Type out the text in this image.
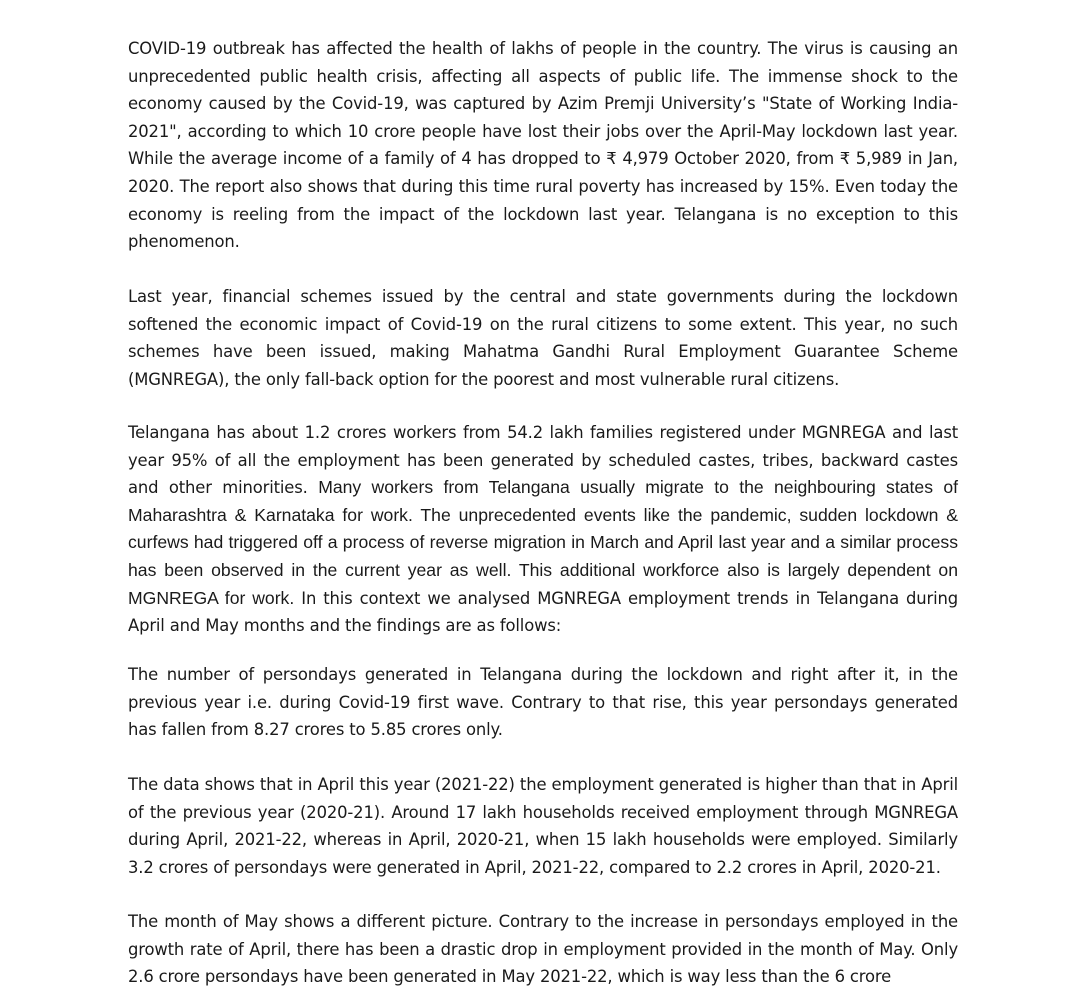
COVID-19 outbreak has affected the health of lakhs of people in the country. The virus is causing an unprecedented public health crisis, affecting all aspects of public life. The immense shock to the economy caused by the Covid-19, was captured by Azim Premji University’s "State of Working India-2021", according to which 10 crore people have lost their jobs over the April-May lockdown last year. While the average income of a family of 4 has dropped to ₹ 4,979 October 2020, from ₹ 5,989 in Jan, 2020. The report also shows that during this time rural poverty has increased by 15%. Even today the economy is reeling from the impact of the lockdown last year. Telangana is no exception to this phenomenon.

Last year, financial schemes issued by the central and state governments during the lockdown softened the economic impact of Covid-19 on the rural citizens to some extent. This year, no such schemes have been issued, making Mahatma Gandhi Rural Employment Guarantee Scheme (MGNREGA), the only fall-back option for the poorest and most vulnerable rural citizens.

Telangana has about 1.2 crores workers from 54.2 lakh families registered under MGNREGA and last year 95% of all the employment has been generated by scheduled castes, tribes, backward castes and other minorities. Many workers from Telangana usually migrate to the neighbouring states of Maharashtra & Karnataka for work. The unprecedented events like the pandemic, sudden lockdown & curfews had triggered off a process of reverse migration in March and April last year and a similar process has been observed in the current year as well. This additional workforce also is largely dependent on MGNREGA for work. In this context we analysed MGNREGA employment trends in Telangana during April and May months and the findings are as follows:

The number of persondays generated in Telangana during the lockdown and right after it, in the previous year i.e. during Covid-19 first wave. Contrary to that rise, this year persondays generated has fallen from 8.27 crores to 5.85 crores only.

The data shows that in April this year (2021-22) the employment generated is higher than that in April of the previous year (2020-21). Around 17 lakh households received employment through MGNREGA during April, 2021-22, whereas in April, 2020-21, when 15 lakh households were employed. Similarly 3.2 crores of persondays were generated in April, 2021-22, compared to 2.2 crores in April, 2020-21.

The month of May shows a different picture. Contrary to the increase in persondays employed in the growth rate of April, there has been a drastic drop in employment provided in the month of May. Only 2.6 crore persondays have been generated in May 2021-22, which is way less than the 6 crore
